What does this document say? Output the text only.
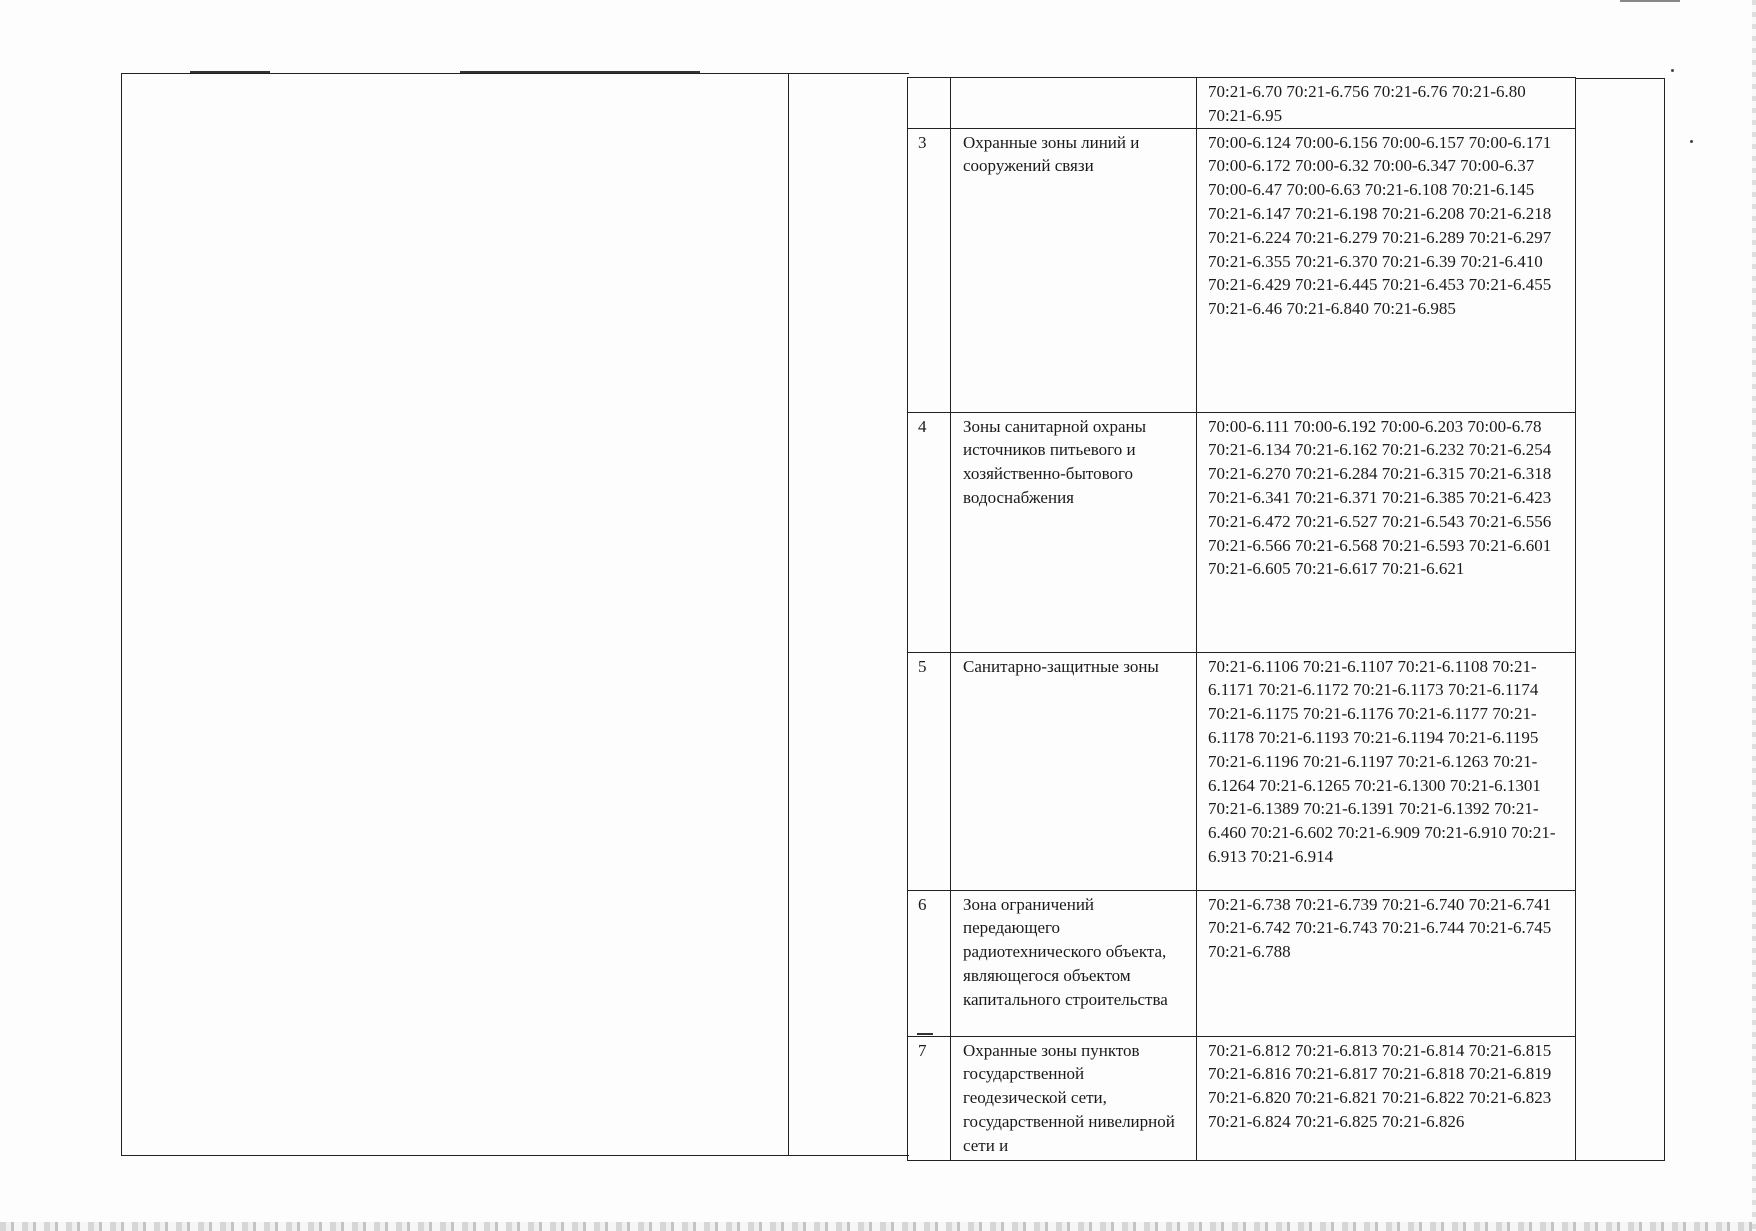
		70:21-6.70 70:21-6.756 70:21-6.76 70:21-6.80 70:21-6.95
3	Охранные зоны линий и сооружений связи	70:00-6.124 70:00-6.156 70:00-6.157 70:00-6.171 70:00-6.172 70:00-6.32 70:00-6.347 70:00-6.37 70:00-6.47 70:00-6.63 70:21-6.108 70:21-6.145 70:21-6.147 70:21-6.198 70:21-6.208 70:21-6.218 70:21-6.224 70:21-6.279 70:21-6.289 70:21-6.297 70:21-6.355 70:21-6.370 70:21-6.39 70:21-6.410 70:21-6.429 70:21-6.445 70:21-6.453 70:21-6.455 70:21-6.46 70:21-6.840 70:21-6.985
4	Зоны санитарной охраны источников питьевого и хозяйственно-бытового водоснабжения	70:00-6.111 70:00-6.192 70:00-6.203 70:00-6.78 70:21-6.134 70:21-6.162 70:21-6.232 70:21-6.254 70:21-6.270 70:21-6.284 70:21-6.315 70:21-6.318 70:21-6.341 70:21-6.371 70:21-6.385 70:21-6.423 70:21-6.472 70:21-6.527 70:21-6.543 70:21-6.556 70:21-6.566 70:21-6.568 70:21-6.593 70:21-6.601 70:21-6.605 70:21-6.617 70:21-6.621
5	Санитарно-защитные зоны	70:21-6.1106 70:21-6.1107 70:21-6.1108 70:21-6.1171 70:21-6.1172 70:21-6.1173 70:21-6.1174 70:21-6.1175 70:21-6.1176 70:21-6.1177 70:21-6.1178 70:21-6.1193 70:21-6.1194 70:21-6.1195 70:21-6.1196 70:21-6.1197 70:21-6.1263 70:21-6.1264 70:21-6.1265 70:21-6.1300 70:21-6.1301 70:21-6.1389 70:21-6.1391 70:21-6.1392 70:21-6.460 70:21-6.602 70:21-6.909 70:21-6.910 70:21-6.913 70:21-6.914
6	Зона ограничений передающего радиотехнического объекта, являющегося объектом капитального строительства	70:21-6.738 70:21-6.739 70:21-6.740 70:21-6.741 70:21-6.742 70:21-6.743 70:21-6.744 70:21-6.745 70:21-6.788
7	Охранные зоны пунктов государственной геодезической сети, государственной нивелирной сети и	70:21-6.812 70:21-6.813 70:21-6.814 70:21-6.815 70:21-6.816 70:21-6.817 70:21-6.818 70:21-6.819 70:21-6.820 70:21-6.821 70:21-6.822 70:21-6.823 70:21-6.824 70:21-6.825 70:21-6.826
